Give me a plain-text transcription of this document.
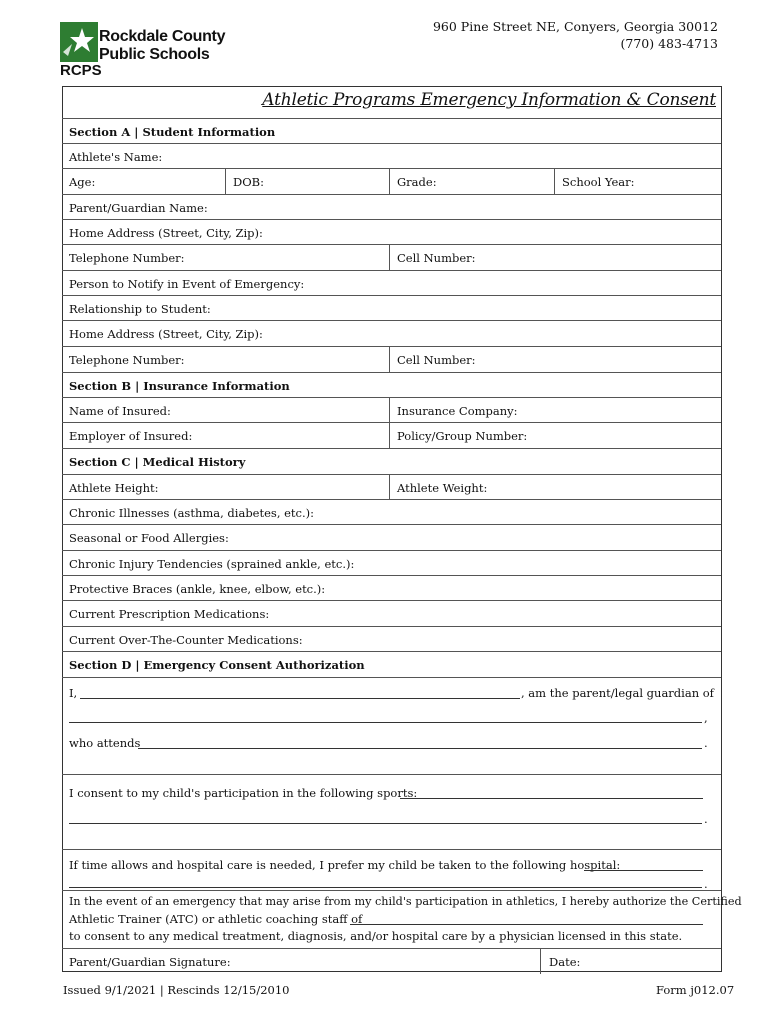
Rockdale County
Public Schools
RCPS
960 Pine Street NE, Conyers, Georgia 30012
(770) 483-4713
Athletic Programs Emergency Information & Consent
Section A | Student Information
Athlete's Name:
Age:	DOB:	Grade:	School Year:
Parent/Guardian Name:
Home Address (Street, City, Zip):
Telephone Number:	Cell Number:
Person to Notify in Event of Emergency:
Relationship to Student:
Home Address (Street, City, Zip):
Telephone Number:	Cell Number:
Section B | Insurance Information
Name of Insured:	Insurance Company:
Employer of Insured:	Policy/Group Number:
Section C | Medical History
Athlete Height:	Athlete Weight:
Chronic Illnesses (asthma, diabetes, etc.):
Seasonal or Food Allergies:
Chronic Injury Tendencies (sprained ankle, etc.):
Protective Braces (ankle, knee, elbow, etc.):
Current Prescription Medications:
Current Over-The-Counter Medications:
Section D | Emergency Consent Authorization
I,	, am the parent/legal guardian of
,
who attends	.
I consent to my child's participation in the following sports:
.
If time allows and hospital care is needed, I prefer my child be taken to the following hospital:
.
In the event of an emergency that may arise from my child's participation in athletics, I hereby authorize the Certified
Athletic Trainer (ATC) or athletic coaching staff of
to consent to any medical treatment, diagnosis, and/or hospital care by a physician licensed in this state.
Parent/Guardian Signature:	Date:
Issued 9/1/2021 | Rescinds 12/15/2010	Form j012.07
